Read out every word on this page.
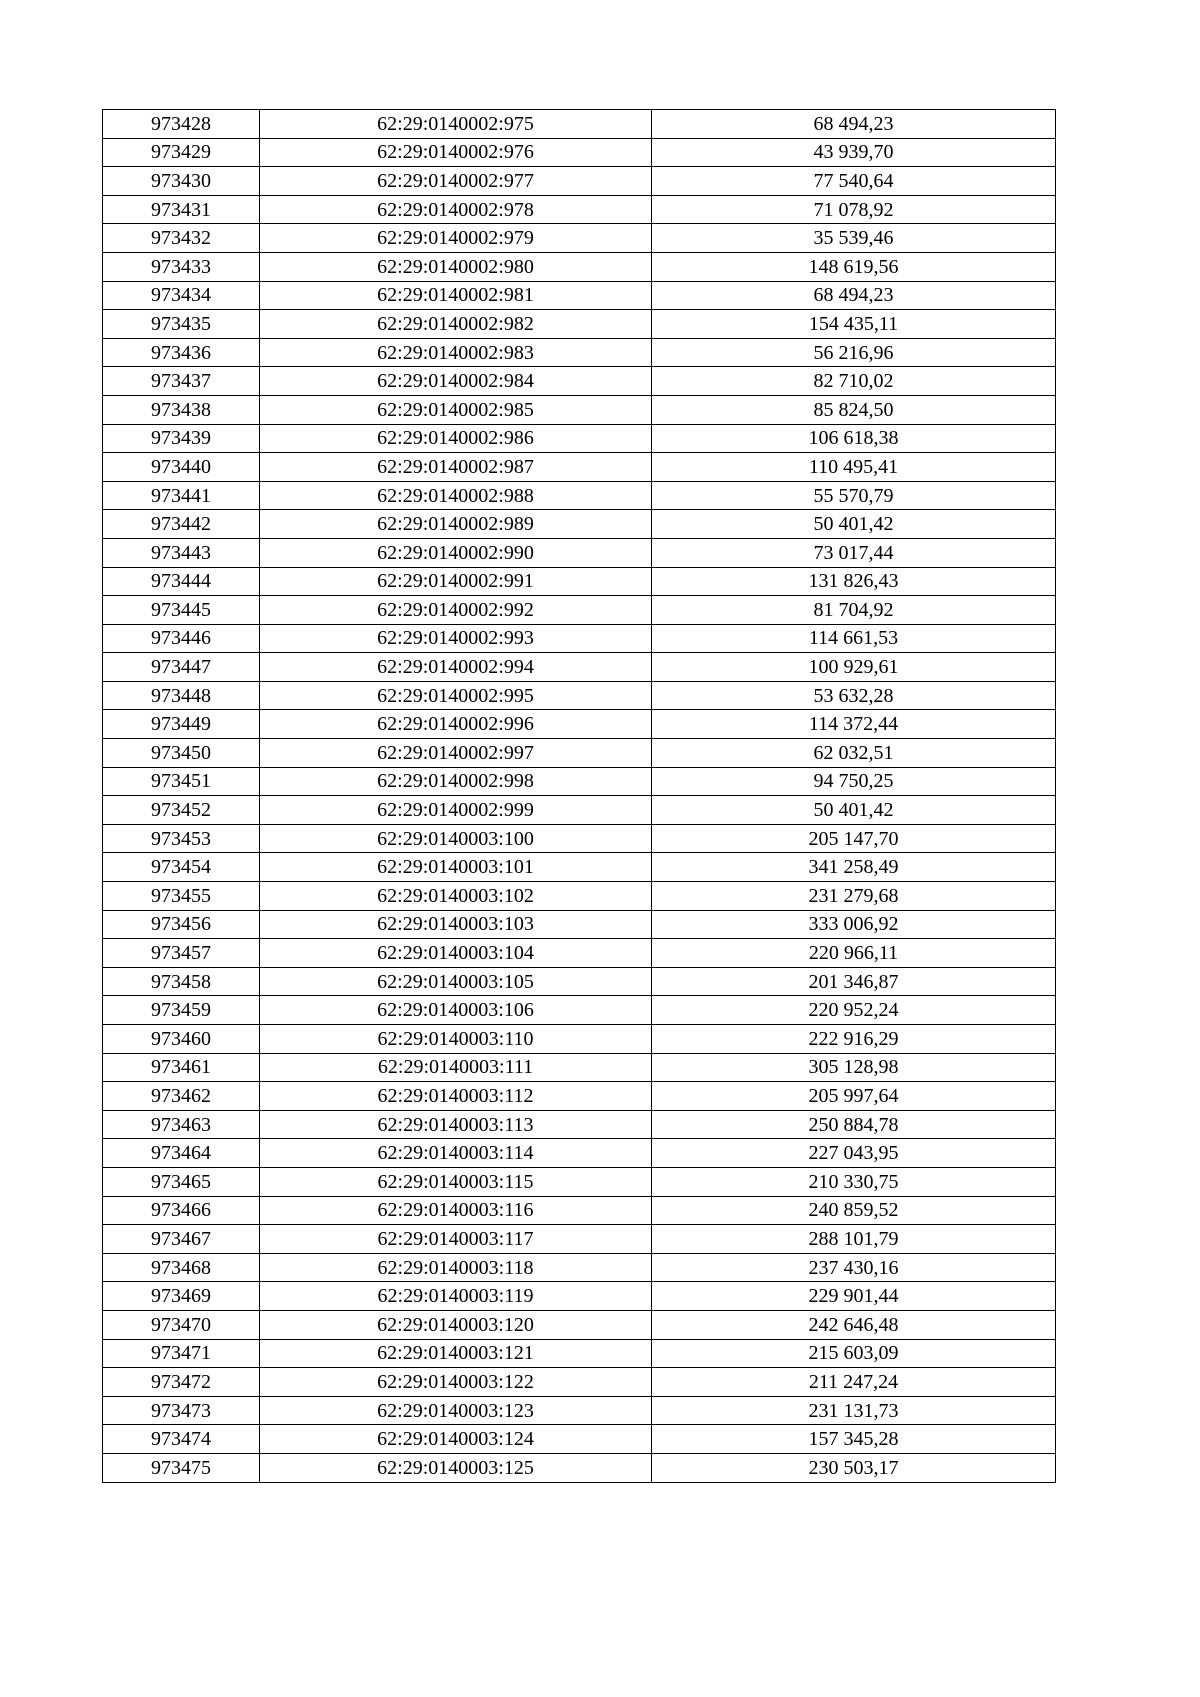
973428	62:29:0140002:975	68 494,23
973429	62:29:0140002:976	43 939,70
973430	62:29:0140002:977	77 540,64
973431	62:29:0140002:978	71 078,92
973432	62:29:0140002:979	35 539,46
973433	62:29:0140002:980	148 619,56
973434	62:29:0140002:981	68 494,23
973435	62:29:0140002:982	154 435,11
973436	62:29:0140002:983	56 216,96
973437	62:29:0140002:984	82 710,02
973438	62:29:0140002:985	85 824,50
973439	62:29:0140002:986	106 618,38
973440	62:29:0140002:987	110 495,41
973441	62:29:0140002:988	55 570,79
973442	62:29:0140002:989	50 401,42
973443	62:29:0140002:990	73 017,44
973444	62:29:0140002:991	131 826,43
973445	62:29:0140002:992	81 704,92
973446	62:29:0140002:993	114 661,53
973447	62:29:0140002:994	100 929,61
973448	62:29:0140002:995	53 632,28
973449	62:29:0140002:996	114 372,44
973450	62:29:0140002:997	62 032,51
973451	62:29:0140002:998	94 750,25
973452	62:29:0140002:999	50 401,42
973453	62:29:0140003:100	205 147,70
973454	62:29:0140003:101	341 258,49
973455	62:29:0140003:102	231 279,68
973456	62:29:0140003:103	333 006,92
973457	62:29:0140003:104	220 966,11
973458	62:29:0140003:105	201 346,87
973459	62:29:0140003:106	220 952,24
973460	62:29:0140003:110	222 916,29
973461	62:29:0140003:111	305 128,98
973462	62:29:0140003:112	205 997,64
973463	62:29:0140003:113	250 884,78
973464	62:29:0140003:114	227 043,95
973465	62:29:0140003:115	210 330,75
973466	62:29:0140003:116	240 859,52
973467	62:29:0140003:117	288 101,79
973468	62:29:0140003:118	237 430,16
973469	62:29:0140003:119	229 901,44
973470	62:29:0140003:120	242 646,48
973471	62:29:0140003:121	215 603,09
973472	62:29:0140003:122	211 247,24
973473	62:29:0140003:123	231 131,73
973474	62:29:0140003:124	157 345,28
973475	62:29:0140003:125	230 503,17
